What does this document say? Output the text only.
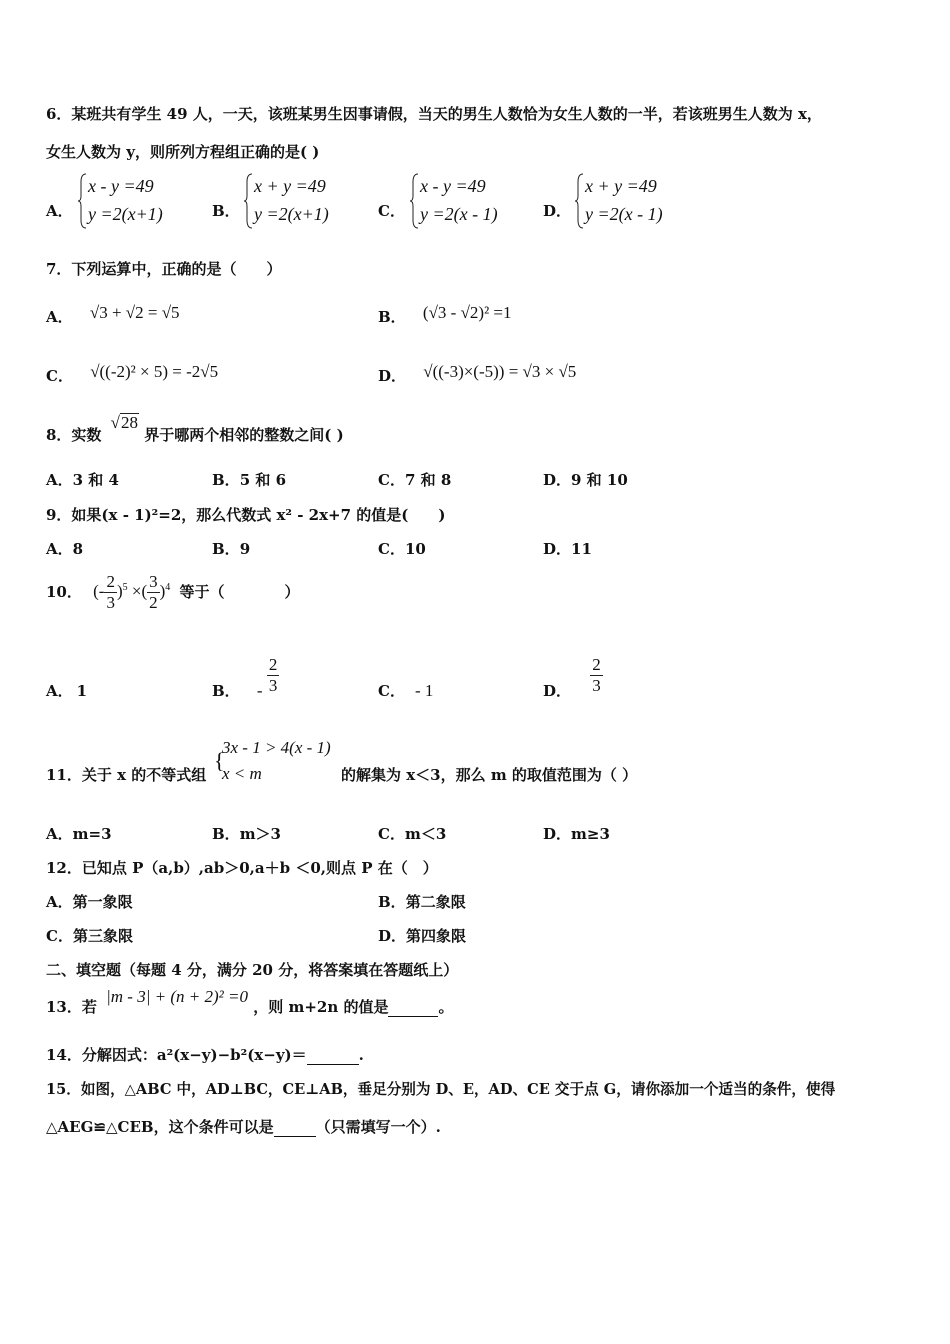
6．某班共有学生 49 人，一天，该班某男生因事请假，当天的男生人数恰为女生人数的一半，若该班男生人数为 x，
女生人数为 y，则所列方程组正确的是( )
A．
x - y =49
y =2(x+1)	B．
x + y =49
y =2(x+1)	C．
x - y =49
y =2(x - 1)	D．
x + y =49
y =2(x - 1)
7．下列运算中，正确的是（　　）
A． √3 + √2 = √5	B． (√3 - √2)² =1
C． √((-2)² × 5) = -2√5	D． √((-3)×(-5)) = √3 × √5
8．实数 √28 界于哪两个相邻的整数之间( )
A．3 和 4	B．5 和 6	C．7 和 8	D．9 和 10
9．如果(x - 1)²=2，那么代数式 x² - 2x+7 的值是(　　)
A．8	B．9	C．10	D．11
10． (- $\frac{2}{3} )^5$ ×( $\frac{3}{2} )^4$ 等于（　　　　）
A． 1	B． - $\frac{2}{3}$	C． - 1	D． $\frac{2}{3}$
11．关于 x 的不等式组
{
3x - 1 > 4(x - 1)
x < m	的解集为 x＜3，那么 m 的取值范围为（ ）
A．m=3	B．m＞3	C．m＜3	D．m≥3
12．已知点 P（a,b）,ab＞0,a＋b ＜0,则点 P 在（　）
A．第一象限	B．第二象限
C．第三象限	D．第四象限
二、填空题（每题 4 分，满分 20 分，将答案填在答题纸上）
13．若 |m - 3| + (n + 2)² =0 ，则 m+2n 的值是	。
14．分解因式：a²(x−y)−b²(x−y)＝	.
15．如图，△ABC 中，AD⊥BC，CE⊥AB，垂足分别为 D、E，AD、CE 交于点 G，请你添加一个适当的条件，使得
△AEG≌△CEB，这个条件可以是	（只需填写一个）.
